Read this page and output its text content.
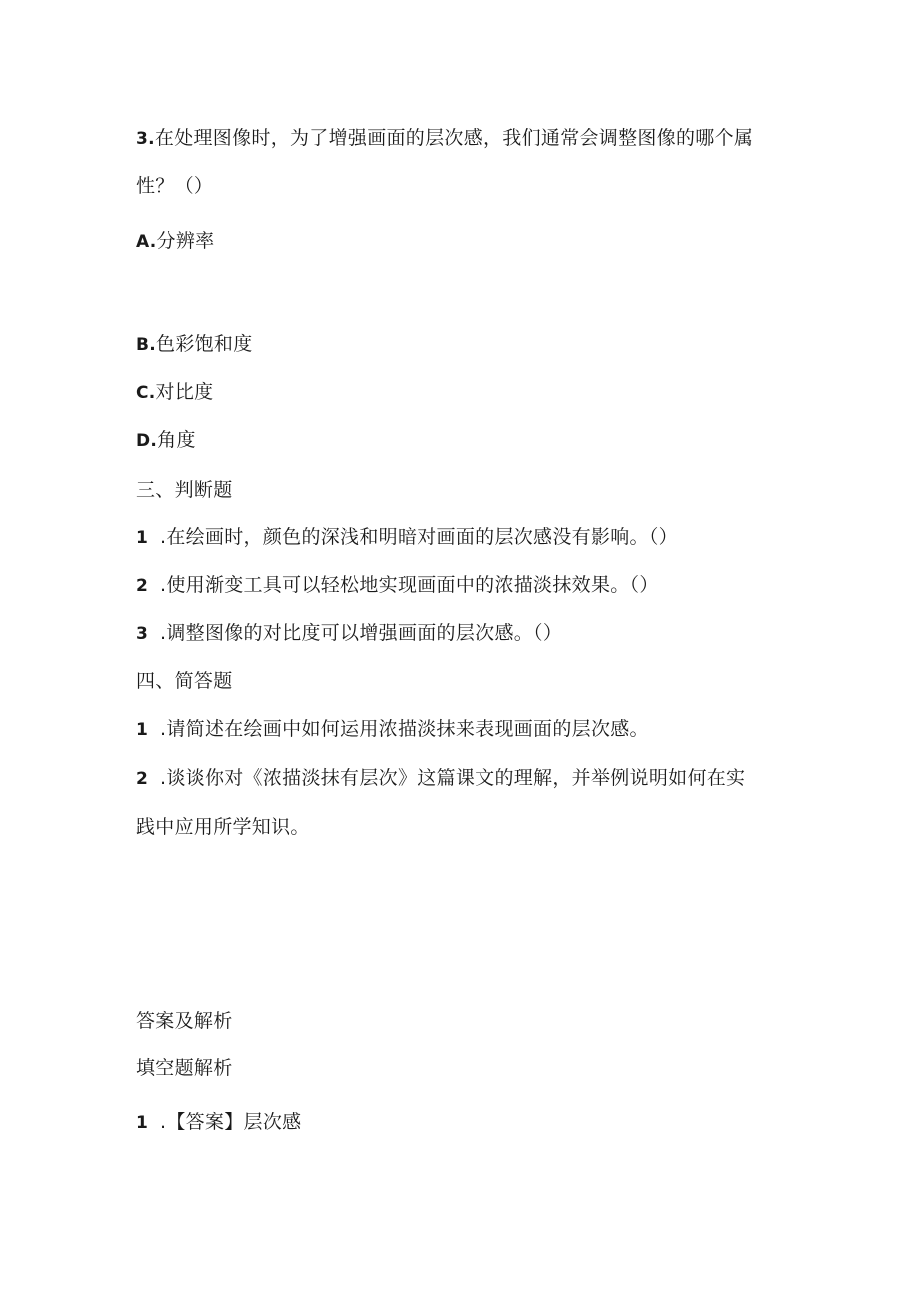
3.在处理图像时，为了增强画面的层次感，我们通常会调整图像的哪个属
性？（）
A.分辨率
B.色彩饱和度
C.对比度
D.角度
三、判断题
1 .在绘画时，颜色的深浅和明暗对画面的层次感没有影响。（）
2 .使用渐变工具可以轻松地实现画面中的浓描淡抹效果。（）
3 .调整图像的对比度可以增强画面的层次感。（）
四、简答题
1 .请简述在绘画中如何运用浓描淡抹来表现画面的层次感。
2 .谈谈你对《浓描淡抹有层次》这篇课文的理解，并举例说明如何在实
践中应用所学知识。
答案及解析
填空题解析
1 .【答案】层次感
